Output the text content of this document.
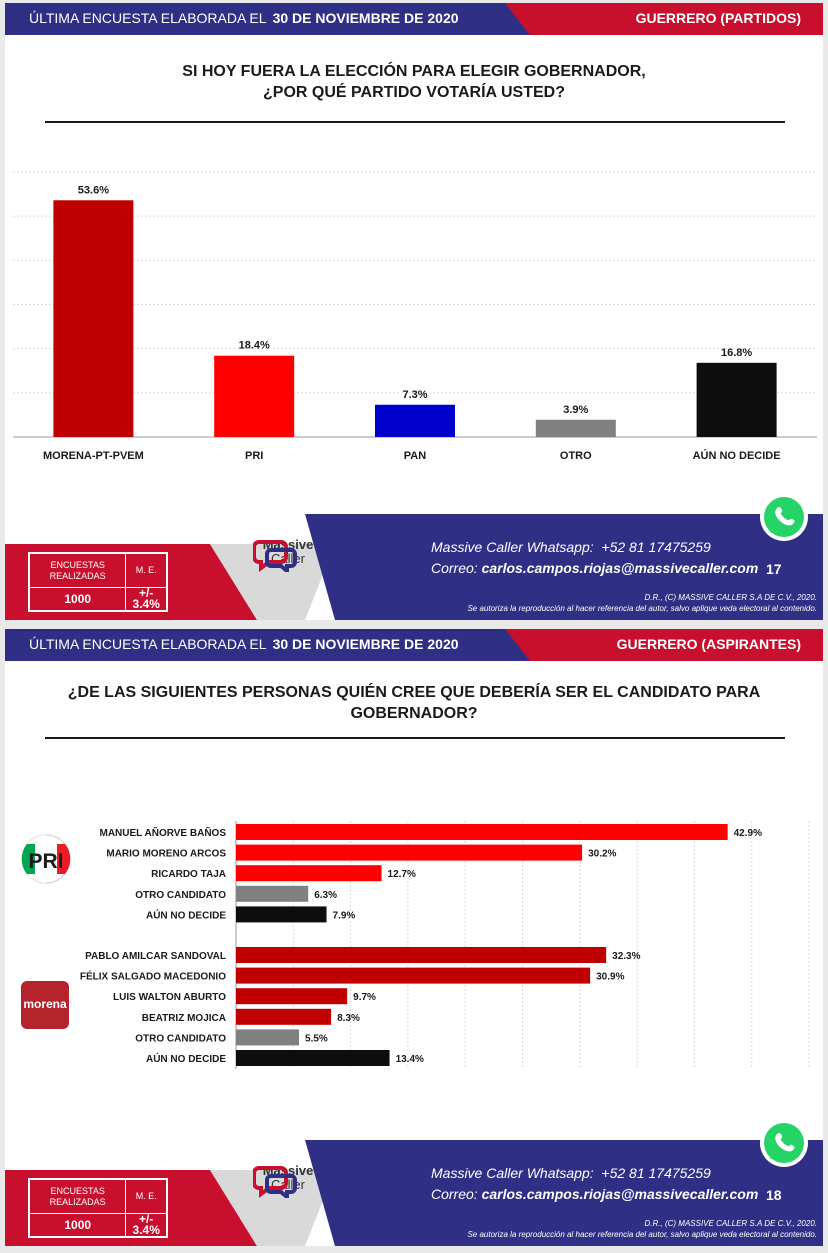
ÚLTIMA ENCUESTA ELABORADA EL 30 DE NOVIEMBRE DE 2020	GUERRERO (PARTIDOS)
SI HOY FUERA LA ELECCIÓN PARA ELEGIR GOBERNADOR,
¿POR QUÉ PARTIDO VOTARÍA USTED?
53.6%
MORENA-PT-PVEM
18.4%
PRI
7.3%
PAN
3.9%
OTRO
16.8%
AÚN NO DECIDE
ENCUESTAS REALIZADAS	M. E.
1000	+/- 3.4%
Massive
Caller
Massive Caller Whatsapp: +52 81 17475259
Correo: carlos.campos.riojas@massivecaller.com 17
D.R., (C) MASSIVE CALLER S.A DE C.V., 2020.
Se autoriza la reproducción al hacer referencia del autor, salvo aplique veda electoral al contenido.
ÚLTIMA ENCUESTA ELABORADA EL 30 DE NOVIEMBRE DE 2020	GUERRERO (ASPIRANTES)
¿DE LAS SIGUIENTES PERSONAS QUIÉN CREE QUE DEBERÍA SER EL CANDIDATO PARA
GOBERNADOR?
MANUEL AÑORVE BAÑOS	42.9%
MARIO MORENO ARCOS	30.2%
RICARDO TAJA	12.7%
OTRO CANDIDATO	6.3%
AÚN NO DECIDE	7.9%
PABLO AMILCAR SANDOVAL	32.3%
FÉLIX SALGADO MACEDONIO	30.9%
LUIS WALTON ABURTO	9.7%
BEATRIZ MOJICA	8.3%
OTRO CANDIDATO	5.5%
AÚN NO DECIDE	13.4%
PRI
morena
ENCUESTAS REALIZADAS	M. E.
1000	+/- 3.4%
Massive
Caller
Massive Caller Whatsapp: +52 81 17475259
Correo: carlos.campos.riojas@massivecaller.com 18
D.R., (C) MASSIVE CALLER S.A DE C.V., 2020.
Se autoriza la reproducción al hacer referencia del autor, salvo aplique veda electoral al contenido.
